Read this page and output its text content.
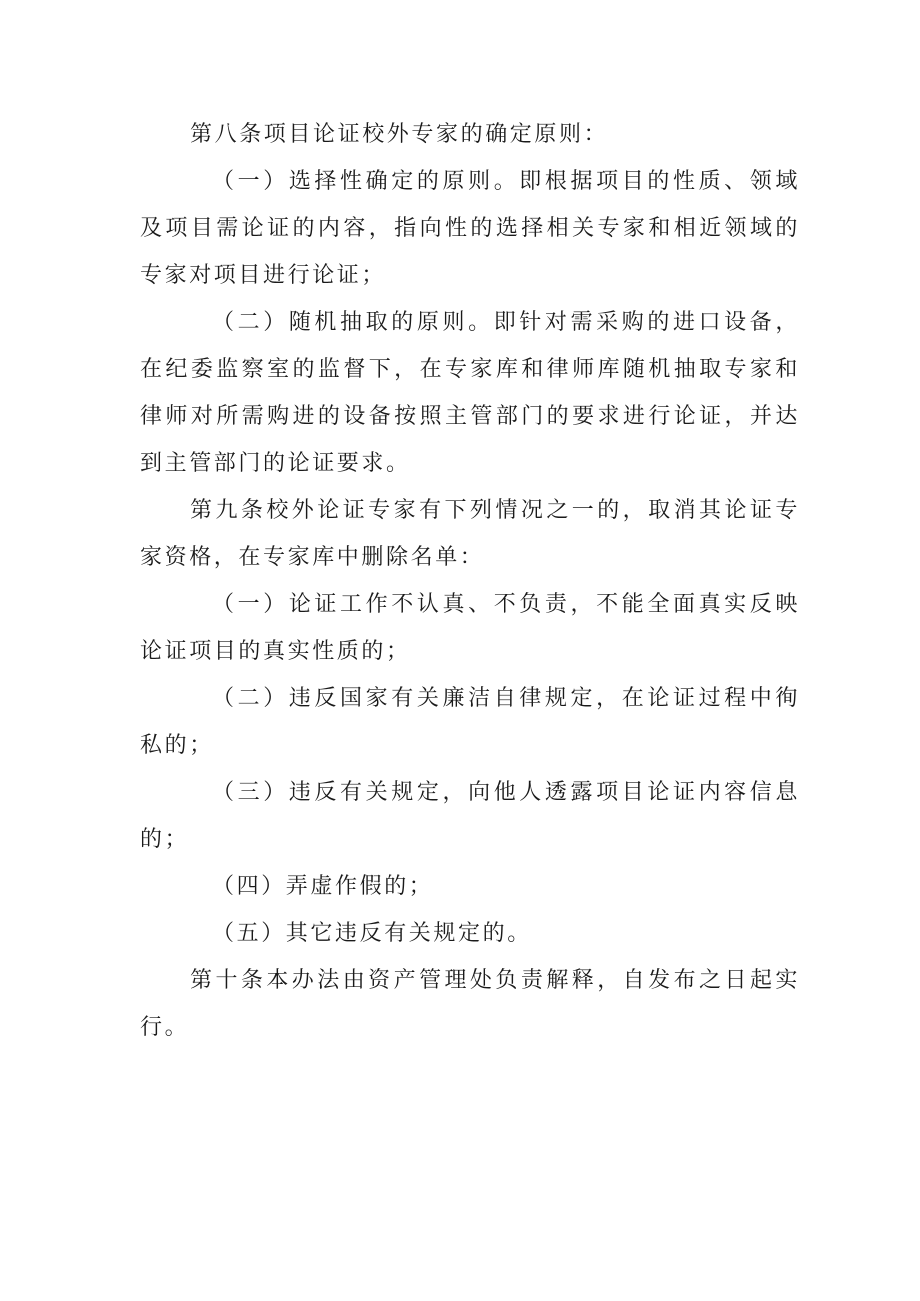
第八条项目论证校外专家的确定原则：

（一）选择性确定的原则。即根据项目的性质、领域及项目需论证的内容，指向性的选择相关专家和相近领域的专家对项目进行论证；

（二）随机抽取的原则。即针对需采购的进口设备，在纪委监察室的监督下，在专家库和律师库随机抽取专家和律师对所需购进的设备按照主管部门的要求进行论证，并达到主管部门的论证要求。

第九条校外论证专家有下列情况之一的，取消其论证专家资格，在专家库中删除名单：

（一）论证工作不认真、不负责，不能全面真实反映论证项目的真实性质的；

（二）违反国家有关廉洁自律规定，在论证过程中徇私的；

（三）违反有关规定，向他人透露项目论证内容信息的；

（四）弄虚作假的；

（五）其它违反有关规定的。

第十条本办法由资产管理处负责解释，自发布之日起实行。
